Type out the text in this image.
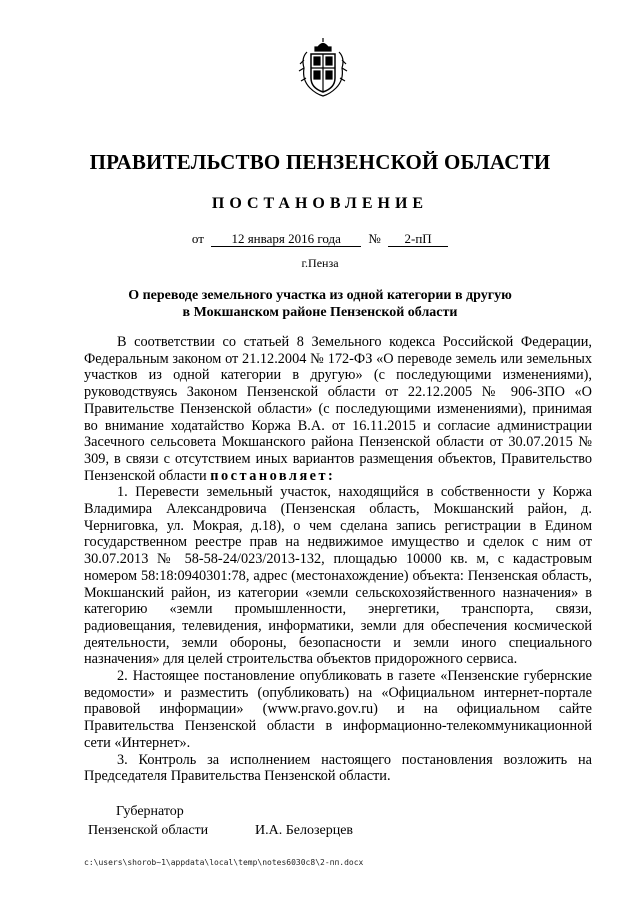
ПРАВИТЕЛЬСТВО ПЕНЗЕНСКОЙ ОБЛАСТИ
ПОСТАНОВЛЕНИЕ
от 12 января 2016 года № 2-пП
г.Пенза
О переводе земельного участка из одной категории в другую
в Мокшанском районе Пензенской области

В соответствии со статьей 8 Земельного кодекса Российской Федерации, Федеральным законом от 21.12.2004 № 172-ФЗ «О переводе земель или земельных участков из одной категории в другую» (с последующими изменениями), руководствуясь Законом Пензенской области от 22.12.2005 № 906-ЗПО «О Правительстве Пензенской области» (с последующими изменениями), принимая во внимание ходатайство Коржа В.А. от 16.11.2015 и согласие администрации Засечного сельсовета Мокшанского района Пензенской области от 30.07.2015 № 309, в связи с отсутствием иных вариантов размещения объектов, Правительство Пензенской области постановляет:

1. Перевести земельный участок, находящийся в собственности у Коржа Владимира Александровича (Пензенская область, Мокшанский район, д. Черниговка, ул. Мокрая, д.18), о чем сделана запись регистрации в Едином государственном реестре прав на недвижимое имущество и сделок с ним от 30.07.2013 № 58-58-24/023/2013-132, площадью 10000 кв. м, с кадастровым номером 58:18:0940301:78, адрес (местонахождение) объекта: Пензенская область, Мокшанский район, из категории «земли сельскохозяйственного назначения» в категорию «земли промышленности, энергетики, транспорта, связи, радиовещания, телевидения, информатики, земли для обеспечения космической деятельности, земли обороны, безопасности и земли иного специального назначения» для целей строительства объектов придорожного сервиса.

2. Настоящее постановление опубликовать в газете «Пензенские губернские ведомости» и разместить (опубликовать) на «Официальном интернет-портале правовой информации» (www.pravo.gov.ru) и на официальном сайте Правительства Пензенской области в информационно-телекоммуникационной сети «Интернет».

3. Контроль за исполнением настоящего постановления возложить на Председателя Правительства Пензенской области.

Губернатор
Пензенской области	И.А. Белозерцев
c:\users\shorob~1\appdata\local\temp\notes6030c8\2-пп.docx
